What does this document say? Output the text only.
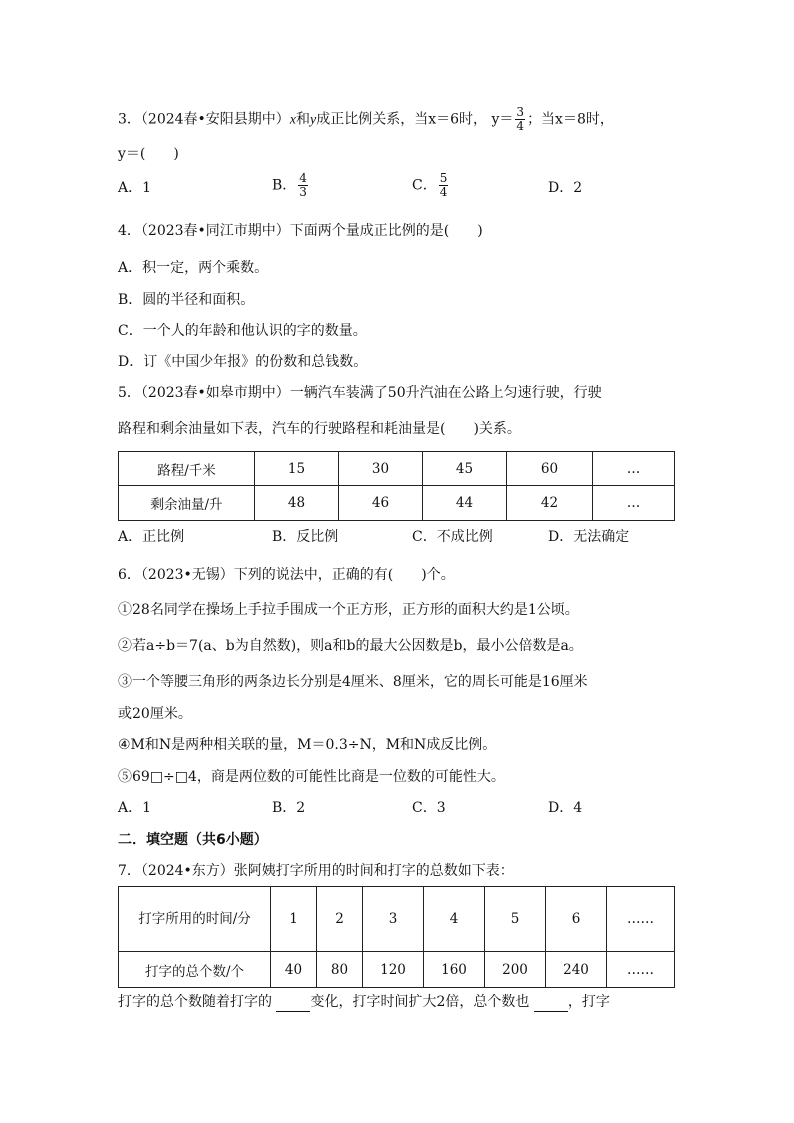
3．（2024春•安阳县期中）x和y成正比例关系，当x＝6时， $y= \frac{3}{4}$ ；当x＝8时，
y＝(　　)
A．1	B． $\frac{4}{3}$	C． $\frac{5}{4}$	D．2
4．（2023春•同江市期中）下面两个量成正比例的是(　　)
A．积一定，两个乘数。
B．圆的半径和面积。
C．一个人的年龄和他认识的字的数量。
D．订《中国少年报》的份数和总钱数。
5．（2023春•如皋市期中）一辆汽车装满了50升汽油在公路上匀速行驶，行驶
路程和剩余油量如下表，汽车的行驶路程和耗油量是(　　)关系。
路程/千米	15	30	45	60	…
剩余油量/升	48	46	44	42	…
A．正比例	B．反比例	C．不成比例	D．无法确定
6．（2023•无锡）下列的说法中，正确的有(　　)个。
①28名同学在操场上手拉手围成一个正方形，正方形的面积大约是1公顷。
②若a÷b＝7(a、b为自然数)，则a和b的最大公因数是b，最小公倍数是a。
③一个等腰三角形的两条边长分别是4厘米、8厘米，它的周长可能是16厘米
或20厘米。
④M和N是两种相关联的量，M＝0.3÷N，M和N成反比例。
⑤69□÷□4，商是两位数的可能性比商是一位数的可能性大。
A．1	B．2	C．3	D．4
二．填空题（共6小题）
7．（2024•东方）张阿姨打字所用的时间和打字的总数如下表：
打字所用的时间/分	1	2	3	4	5	6	……
打字的总个数/个	40	80	120	160	200	240	……
打字的总个数随着打字的	变化，打字时间扩大2倍，总个数也	，打字
